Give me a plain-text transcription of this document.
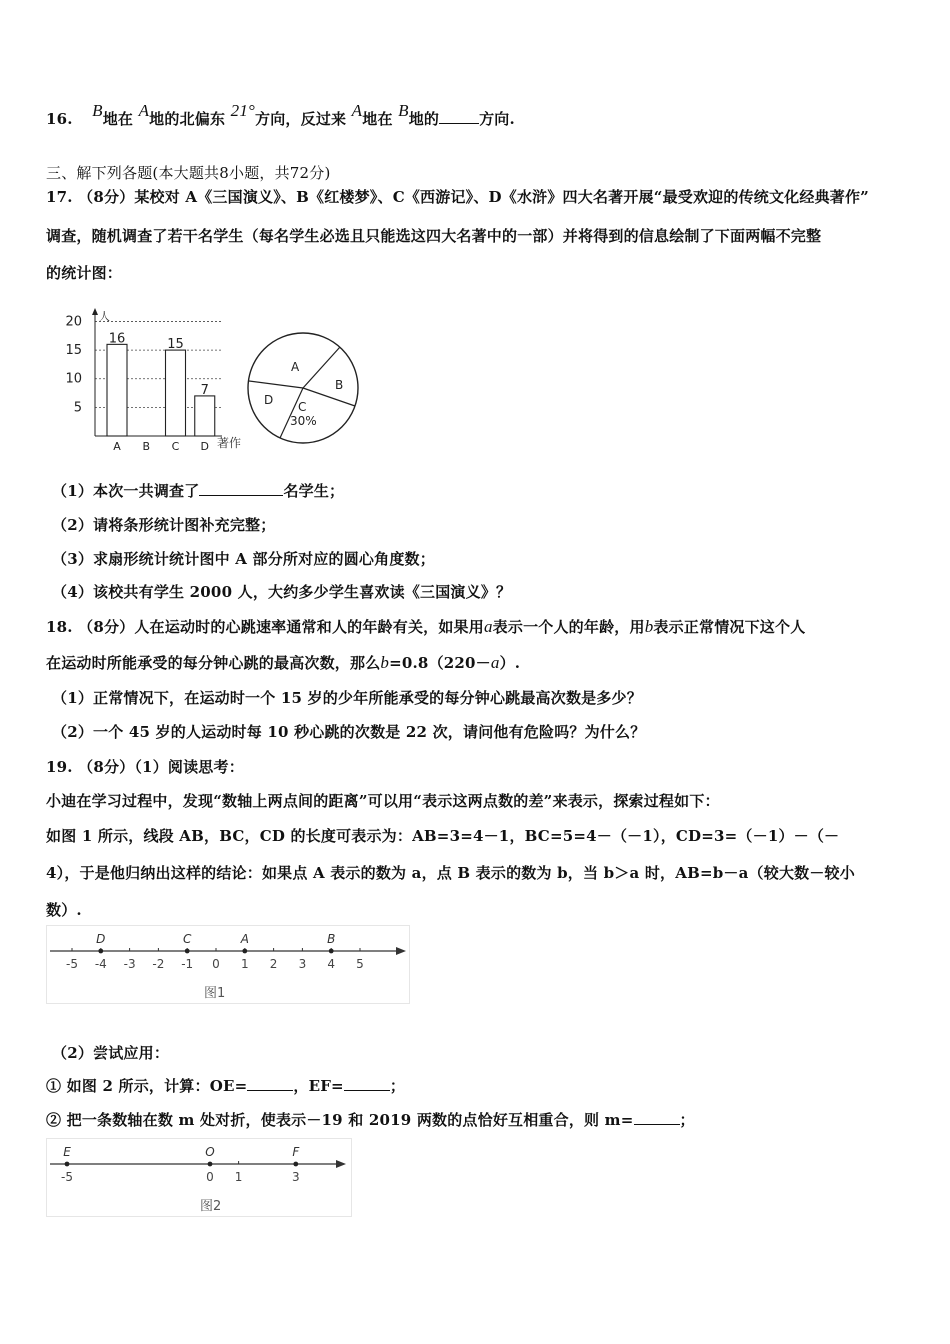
16. B地在 A地的北偏东 21°方向，反过来 A地在 B地的	方向.
三、解下列各题(本大题共8小题，共72分)
17. （8分）某校对 A《三国演义》、B《红楼梦》、C《西游记》、D《水浒》四大名著开展“最受欢迎的传统文化经典著作”
调查，随机调查了若干名学生（每名学生必选且只能选这四大名著中的一部）并将得到的信息绘制了下面两幅不完整
的统计图：
5
10
15
20 人
著作
A
16
B C
15
D
7
A
B
C
D
30%
（1）本次一共调查了	名学生；
（2）请将条形统计图补充完整；
（3）求扇形统计统计图中 A 部分所对应的圆心角度数；
（4）该校共有学生 2000 人，大约多少学生喜欢读《三国演义》？
18. （8分）人在运动时的心跳速率通常和人的年龄有关，如果用a表示一个人的年龄，用b表示正常情况下这个人
在运动时所能承受的每分钟心跳的最高次数，那么b=0.8（220－a）.
（1）正常情况下，在运动时一个 15 岁的少年所能承受的每分钟心跳最高次数是多少？
（2）一个 45 岁的人运动时每 10 秒心跳的次数是 22 次，请问他有危险吗？为什么？
19. （8分）（1）阅读思考：
小迪在学习过程中，发现“数轴上两点间的距离”可以用“表示这两点数的差”来表示，探索过程如下：
如图 1 所示，线段 AB，BC，CD 的长度可表示为：AB=3=4－1，BC=5=4－（－1），CD=3=（－1）－（－
4），于是他归纳出这样的结论：如果点 A 表示的数为 a，点 B 表示的数为 b，当 b＞a 时，AB=b－a（较大数－较小
数）.
-5 -4 -3 -2 -1 0 1 2 3 4 5
D	C	A	B
图1
（2）尝试应用：
① 如图 2 所示，计算：OE=	，EF=	；
② 把一条数轴在数 m 处对折，使表示－19 和 2019 两数的点恰好互相重合，则 m=	；
E
-5
O
0 1
F
3
图2
